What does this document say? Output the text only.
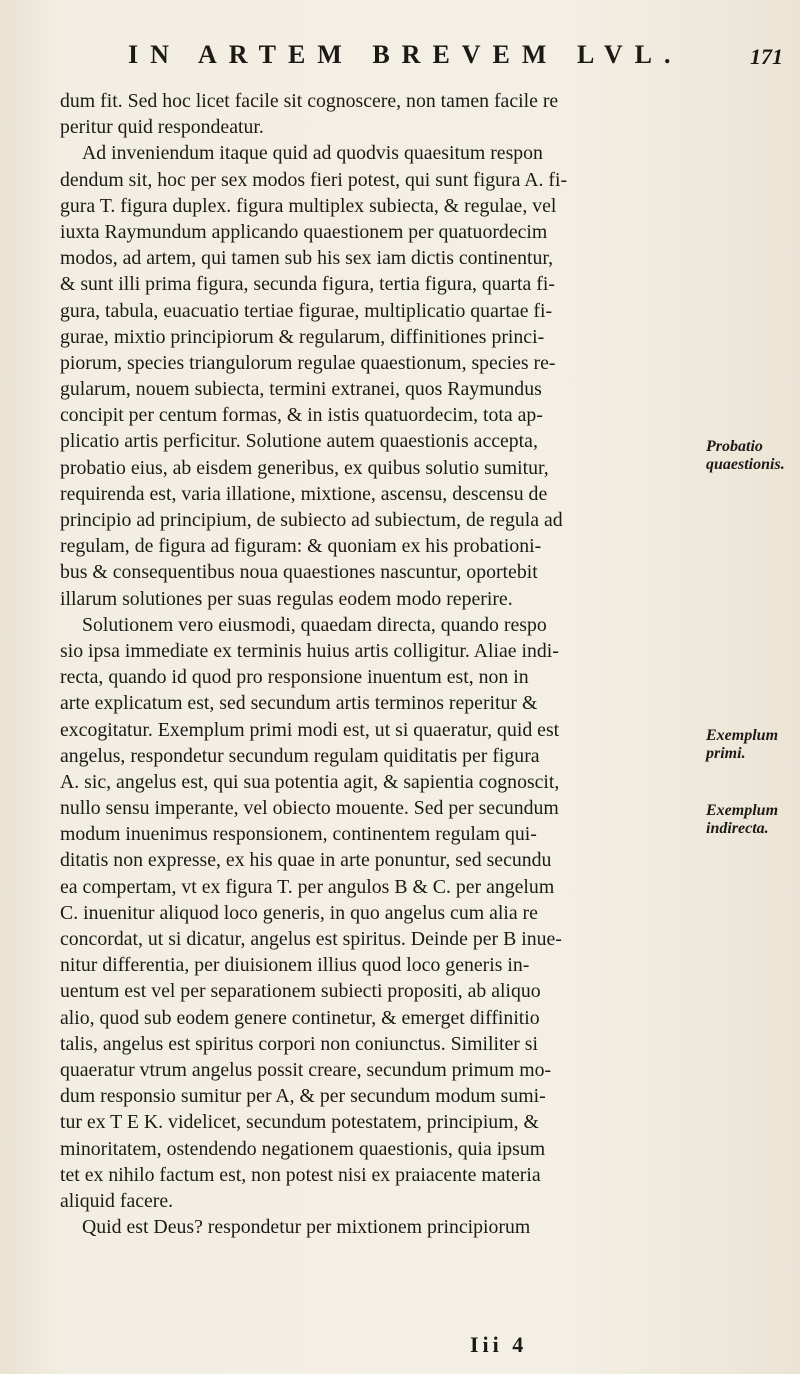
IN ARTEM BREVEM LVL.	171
dum fit. Sed hoc licet facile sit cognoscere, non tamen facile re
peritur quid respondeatur.
Ad inveniendum itaque quid ad quodvis quaesitum respon
dendum sit, hoc per sex modos fieri potest, qui sunt figura A. fi-
gura T. figura duplex. figura multiplex subiecta, & regulae, vel
iuxta Raymundum applicando quaestionem per quatuordecim
modos, ad artem, qui tamen sub his sex iam dictis continentur,
& sunt illi prima figura, secunda figura, tertia figura, quarta fi-
gura, tabula, euacuatio tertiae figurae, multiplicatio quartae fi-
gurae, mixtio principiorum & regularum, diffinitiones princi-
piorum, species triangulorum regulae quaestionum, species re-
gularum, nouem subiecta, termini extranei, quos Raymundus
concipit per centum formas, & in istis quatuordecim, tota ap-
plicatio artis perficitur. Solutione autem quaestionis accepta,
probatio eius, ab eisdem generibus, ex quibus solutio sumitur,
requirenda est, varia illatione, mixtione, ascensu, descensu de
principio ad principium, de subiecto ad subiectum, de regula ad
regulam, de figura ad figuram: & quoniam ex his probationi-
bus & consequentibus noua quaestiones nascuntur, oportebit
illarum solutiones per suas regulas eodem modo reperire.
Solutionem vero eiusmodi, quaedam directa, quando respo
sio ipsa immediate ex terminis huius artis colligitur. Aliae indi-
recta, quando id quod pro responsione inuentum est, non in
arte explicatum est, sed secundum artis terminos reperitur &
excogitatur. Exemplum primi modi est, ut si quaeratur, quid est
angelus, respondetur secundum regulam quiditatis per figura
A. sic, angelus est, qui sua potentia agit, & sapientia cognoscit,
nullo sensu imperante, vel obiecto mouente. Sed per secundum
modum inuenimus responsionem, continentem regulam qui-
ditatis non expresse, ex his quae in arte ponuntur, sed secundu
ea compertam, vt ex figura T. per angulos B & C. per angelum
C. inuenitur aliquod loco generis, in quo angelus cum alia re
concordat, ut si dicatur, angelus est spiritus. Deinde per B inue-
nitur differentia, per diuisionem illius quod loco generis in-
uentum est vel per separationem subiecti propositi, ab aliquo
alio, quod sub eodem genere continetur, & emerget diffinitio
talis, angelus est spiritus corpori non coniunctus. Similiter si
quaeratur vtrum angelus possit creare, secundum primum mo-
dum responsio sumitur per A, & per secundum modum sumi-
tur ex T E K. videlicet, secundum potestatem, principium, &
minoritatem, ostendendo negationem quaestionis, quia ipsum
tet ex nihilo factum est, non potest nisi ex praiacente materia
aliquid facere.
Quid est Deus? respondetur per mixtionem principiorum
Probatio
quaestionis.
Exemplum
primi.
Exemplum
indirecta.
Iii 4
